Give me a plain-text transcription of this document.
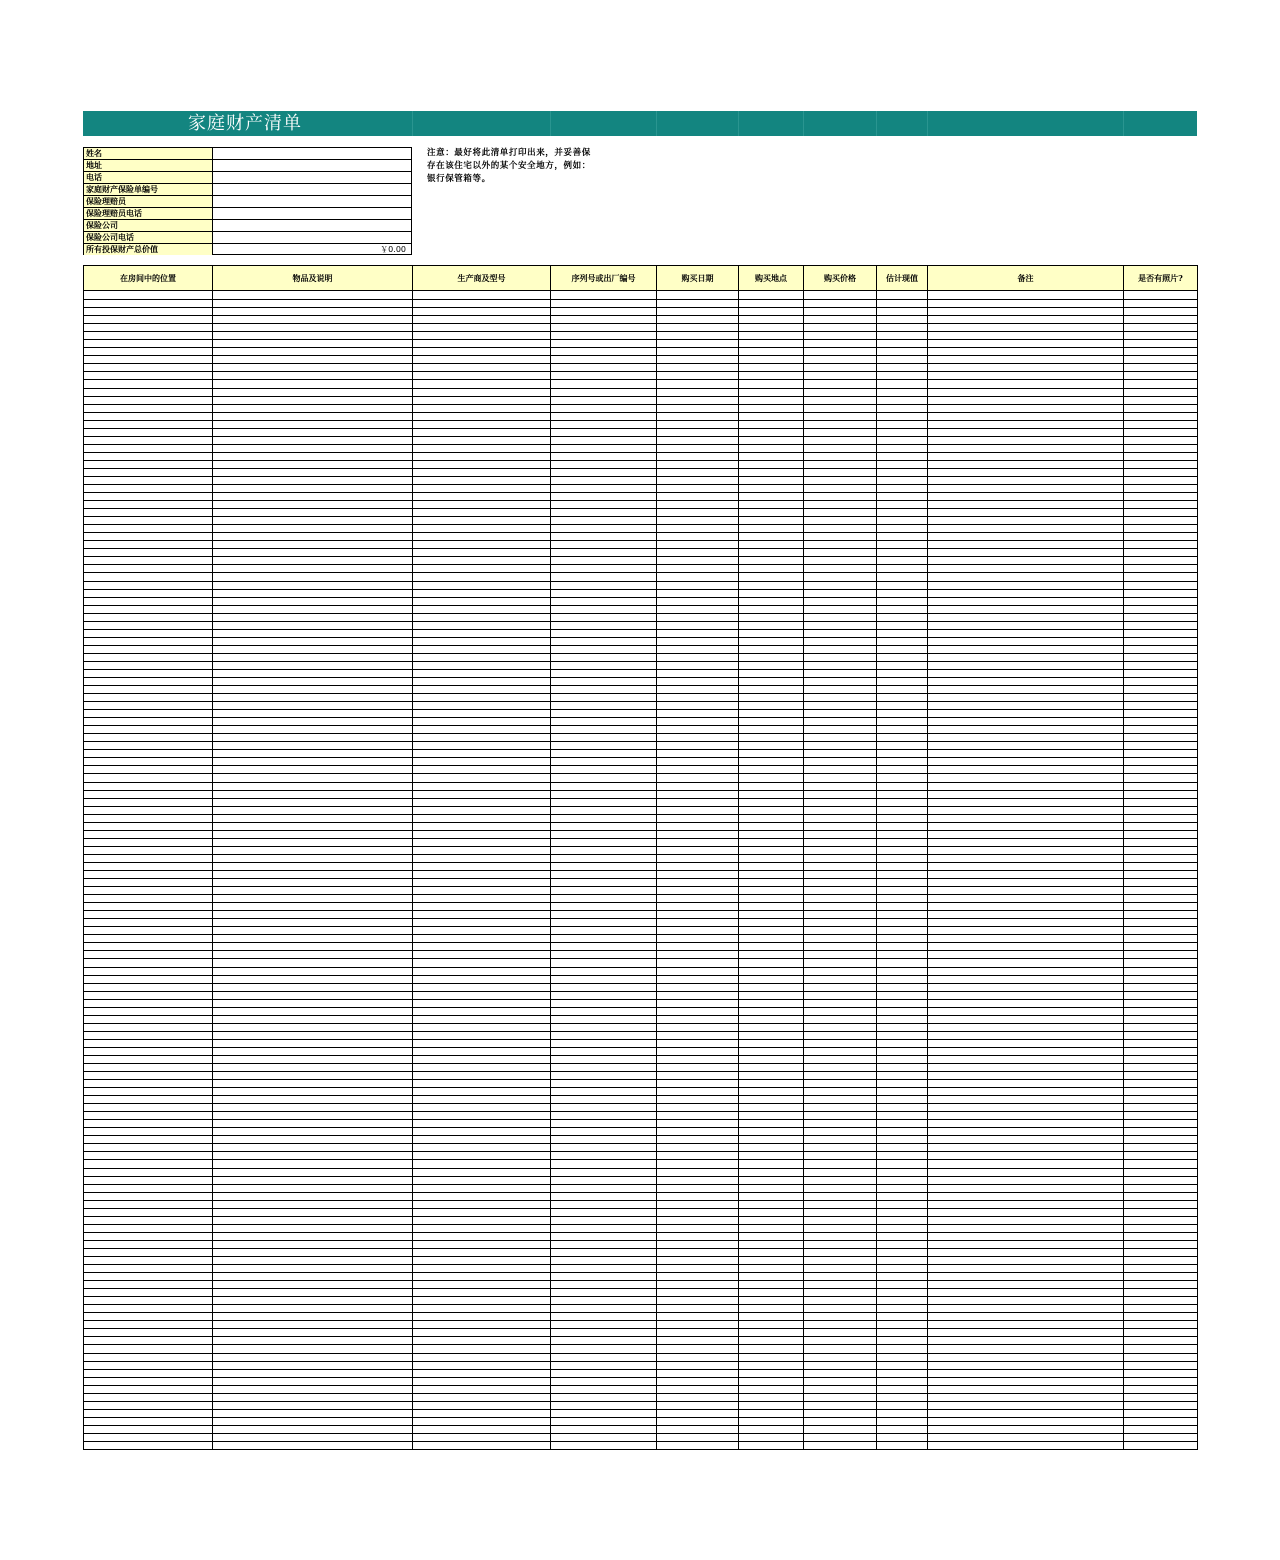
家庭财产清单
姓名
地址
电话
家庭财产保险单编号
保险理赔员
保险理赔员电话
保险公司
保险公司电话
所有投保财产总价值	￥0.00
注意：最好将此清单打印出来，并妥善保
存在该住宅以外的某个安全地方，例如：
银行保管箱等。
在房间中的位置	物品及说明	生产商及型号	序列号或出厂编号	购买日期	购买地点	购买价格	估计现值	备注	是否有照片?
